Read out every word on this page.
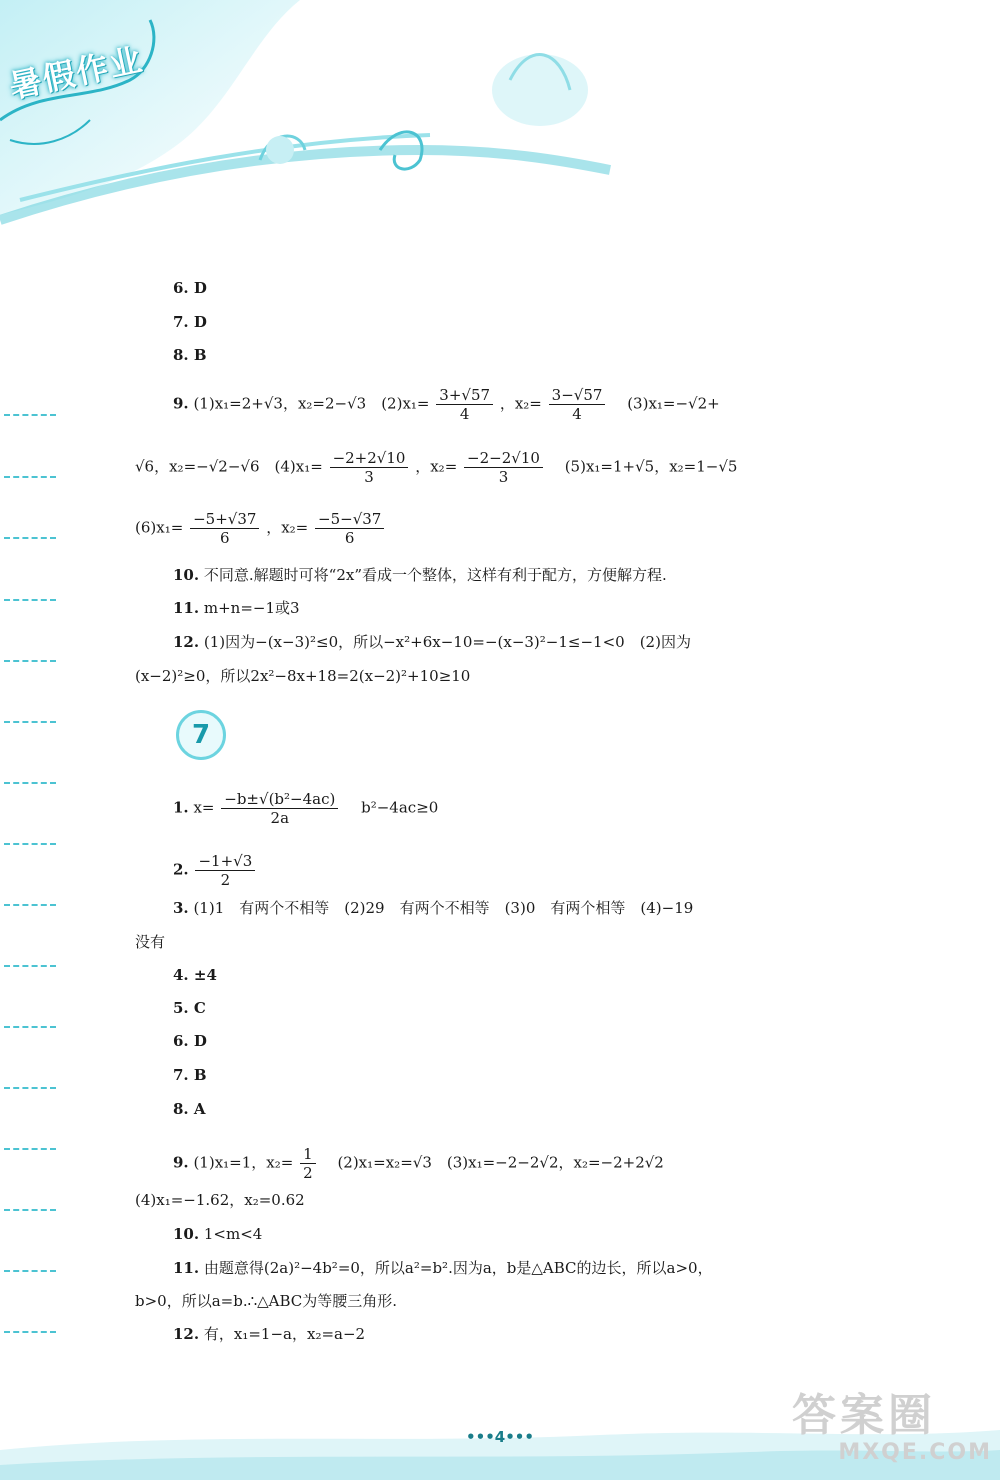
暑假作业
6. D
7. D
8. B
9. (1)x₁=2+√3，x₂=2−√3　$(2)x_1= \frac{3+√57}{4}$ ，$x_2= \frac{3-√57}{4}$ 　(3)x₁=−√2+
√6，x₂=−√2−√6　$(4)x_1= \frac{-2+2√10}{3}$ ，$x_2= \frac{-2-2√10}{3}$ 　(5)x₁=1+√5，x₂=1−√5
$(6)x_1= \frac{-5+√37}{6}$ ，$x_2= \frac{-5-√37}{6}$
10. 不同意.解题时可将“2x”看成一个整体，这样有利于配方，方便解方程.
11. m+n=−1或3
12. (1)因为−(x−3)²≤0，所以−x²+6x−10=−(x−3)²−1≤−1<0　(2)因为
(x−2)²≥0，所以2x²−8x+18=2(x−2)²+10≥10
7
1. $x= \frac{\text{−b±√(b²−4ac)}}{2a} b^2-4ac\ge 0$
2. $\frac{-1+√3}{2}$
3. (1)1　有两个不相等　(2)29　有两个不相等　(3)0　有两个相等　(4)−19
没有
4. ±4
5. C
6. D
7. B
8. A
9. (1)x₁=1，$x_2= \frac{1}{2}$ 　(2)x₁=x₂=√3　(3)x₁=−2−2√2，x₂=−2+2√2
(4)x₁=−1.62，x₂=0.62
10. 1<m<4
11. 由题意得(2a)²−4b²=0，所以a²=b².因为a，b是△ABC的边长，所以a>0，
b>0，所以a=b.∴△ABC为等腰三角形.
12. 有，x₁=1−a，x₂=a−2
•••4•••	答案圈
MXQE.COM
